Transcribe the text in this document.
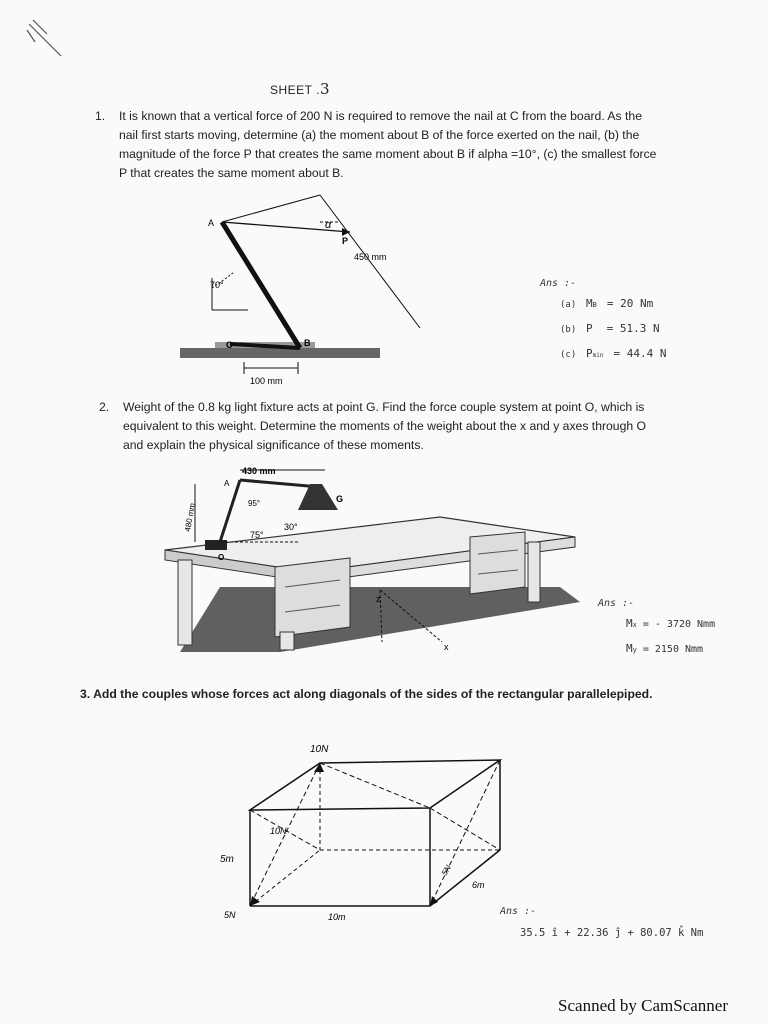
SHEET .3
1. It is known that a vertical force of 200 N is required to remove the nail at C from the board. As the nail first starts moving, determine (a) the moment about B of the force exerted on the nail, (b) the magnitude of the force P that creates the same moment about B if alpha =10°, (c) the smallest force P that creates the same moment about B.
A	α
P
450 mm
70°
C	B
100 mm
Ans :-
(a) M B = 20 Nm
(b) P = 51.3 N
(c) P min = 44.4 N
2. Weight of the 0.8 kg light fixture acts at point G. Find the force couple system at point O, which is equivalent to this weight. Determine the moments of the weight about the x and y axes through O and explain the physical significance of these moments.
430 mm
480 mm	95°
75°
30°
A
G
O
x
z	Ans :-
M x = - 3720 Nmm
M y = 2150 Nmm
3. Add the couples whose forces act along diagonals of the sides of the rectangular parallelepiped.
10N
10N
5m
5N
5N
10m
6m
Ans :-
35.5 î + 22.36 ĵ + 80.07 k̂ Nm
Scanned by CamScanner
